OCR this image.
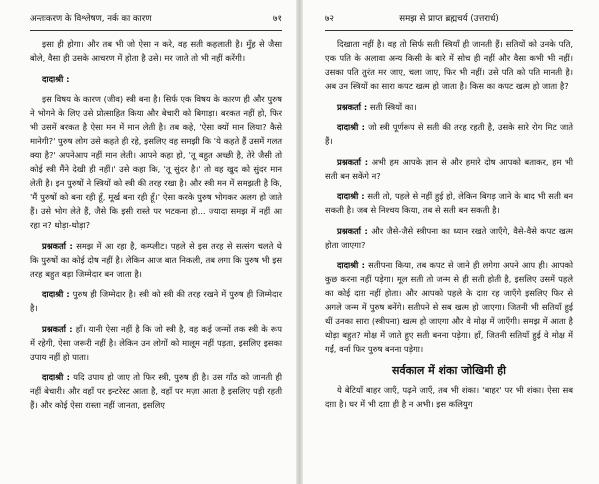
अन्तःकरण के विश्लेषण, नर्क का कारण	७१

इसा ही होगा। और तब भी जो ऐसा न करे, वह सती कहलाती है। मुँह से जैसा बोले, वैसा ही उसके आचरण में होता है उसे। मर जाते तो भी नहीं करेंगी।

दादाश्री :

इस विषय के कारण (जीव) स्त्री बना है। सिर्फ एक विषय के कारण ही और पुरुष ने भोगने के लिए उसे प्रोत्साहित किया और बेचारी को बिगाड़ा। बरकत नहीं हो, फिर भी उसमें बरकत है ऐसा मन में मान लेती है। तब कहे, 'ऐसा क्यों मान लिया? कैसे मानेगी?' पुरुष लोग उसे कहते ही रहे, इसलिए वह समझी कि 'ये कहते हैं उसमें गलत क्या है?' अपनेआप नहीं मान लेती। आपने कहा हो, 'तू बहुत अच्छी है, तेरे जैसी तो कोई स्त्री मैंने देखी ही नहीं।' उसे कहा कि, 'तू सुंदर है।' तो वह खुद को सुंदर मान लेती है। इन पुरुषों ने स्त्रियों को स्त्री की तरह रखा है। और स्त्री मन में समझती है कि, 'मैं पुरुषों को बना रही हूँ, मूर्ख बना रही हूँ।' ऐसा करके पुरुष भोगकर अलग हो जाते हैं। उसे भोग लेते हैं, जैसे कि इसी रास्ते पर भटकना हो... ज्यादा समझ में नहीं आ रहा न? थोड़ा-थोड़ा?

प्रश्नकर्ता : समझ में आ रहा है, कम्प्लीट। पहले से इस तरह से सत्संग चलते थे कि पुरुषों का कोई दोष नहीं है। लेकिन आज बात निकली, तब लगा कि पुरुष भी इस तरह बहुत बड़ा जिम्मेदार बन जाता है।

दादाश्री : पुरुष ही जिम्मेदार है। स्त्री को स्त्री की तरह रखने में पुरुष ही जिम्मेदार है।

प्रश्नकर्ता : हाँ। यानी ऐसा नहीं है कि जो स्त्री है, वह कई जन्मों तक स्त्री के रूप में रहेगी, ऐसा जरूरी नहीं है। लेकिन उन लोगों को मालूम नहीं पड़ता, इसलिए इसका उपाय नहीं हो पाता।

दादाश्री : यदि उपाय हो जाए तो फिर स्त्री, पुरुष ही है। उस गाँठ को जानती ही नहीं बेचारी। और वहाँ पर इन्टरेस्ट आता है, वहाँ पर मज़ा आता है इसलिए पड़ी रहती हैं। और कोई ऐसा रास्ता नहीं जानता, इसलिए

७२	समझ से प्राप्त ब्रह्मचर्य (उत्तरार्ध)

दिखाता नहीं है। वह तो सिर्फ सती स्त्रियाँ ही जानती हैं। सतियों को उनके पति, एक पति के अलावा अन्य किसी के बारे में सोच ही नहीं और वैसा कभी भी नहीं। उसका पति तुरंत मर जाए, चला जाए, फिर भी नहीं। उसे पति को पति मानती है। अब उन स्त्रियों का सारा कपट खत्म हो जाता है। किस का कपट खत्म हो जाता है?

प्रश्नकर्ता : सती स्त्रियों का।

दादाश्री : जो स्त्री पूर्णरूप से सती की तरह रहती है, उसके सारे रोग मिट जाते हैं।

प्रश्नकर्ता : अभी हम आपके ज्ञान से और हमारे दोष आपको बताकर, हम भी सती बन सकेंगे न?

दादाश्री : सती तो, पहले से नहीं हुई हो, लेकिन बिगड़ जाने के बाद भी सती बन सकती है। जब से निश्चय किया, तब से सती बन सकती है।

प्रश्नकर्ता : और जैसे-जैसे स्त्रीपना का ध्यान रखते जाएँगे, वैसे-वैसे कपट खत्म होता जाएगा?

दादाश्री : सतीपना किया, तब कपट से जाने ही लगेगा अपने आप ही। आपको कुछ करना नहीं पड़ेगा। मूल सती तो जन्म से ही सती होती है, इसलिए उसमें पहले का कोई दाग़ नहीं होता। और आपको पहले के दाग़ रह जाएँगे इसलिए फिर से अगले जन्म में पुरुष बनेंगे। सतीपने से सब खत्म हो जाएगा। जितनी भी सतियाँ हुई थीं उनका सारा (स्त्रीपना) खत्म हो जाएगा और वे मोक्ष में जाएँगी। समझ में आता है थोड़ा बहुत? मोक्ष में जाते हुए सती बनना पड़ेगा। हाँ, जितनी सतियाँ हुई वे मोक्ष में गईं, वर्ना फिर पुरुष बनना पड़ेगा।

सर्वकाल में शंका जोखिमी ही

ये बेटियाँ बाहर जाएँ, पढ़ने जाएँ, तब भी शंका। 'बाहर' पर भी शंका। ऐसा सब दग़ा है। घर में भी दग़ा ही है न अभी। इस कलियुग
